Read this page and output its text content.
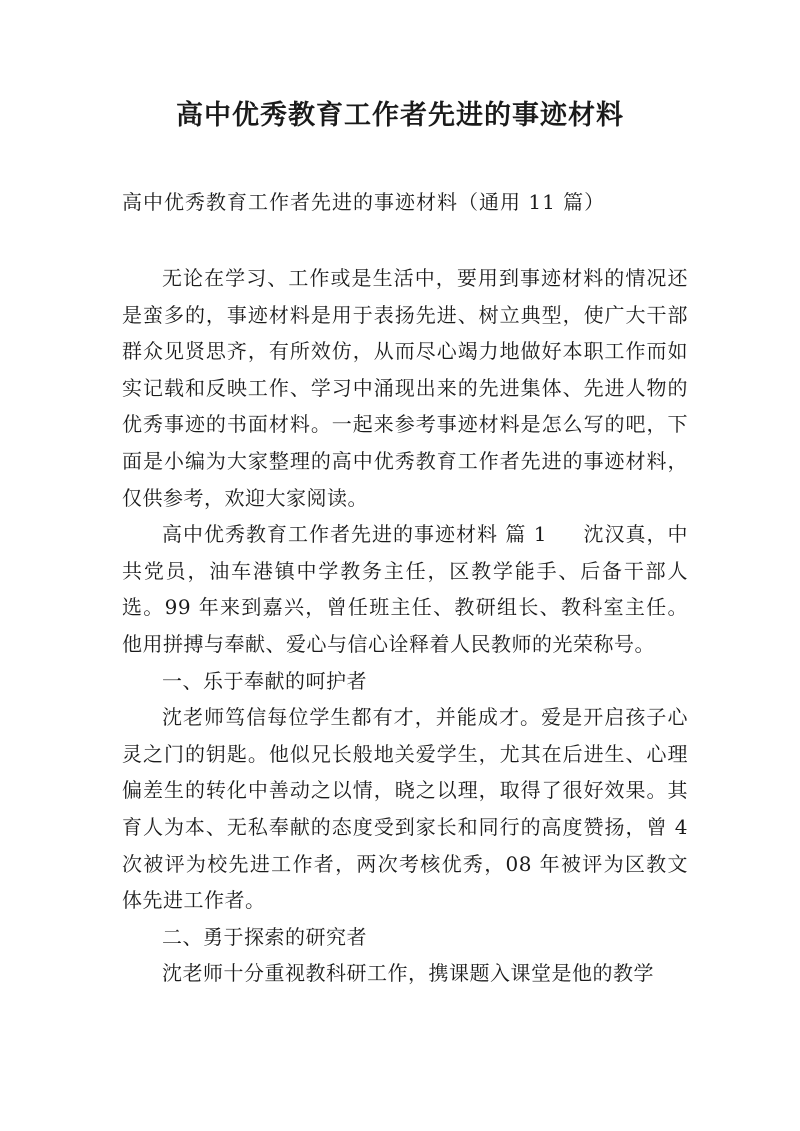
高中优秀教育工作者先进的事迹材料
高中优秀教育工作者先进的事迹材料（通用 11 篇）

无论在学习、工作或是生活中，要用到事迹材料的情况还是蛮多的，事迹材料是用于表扬先进、树立典型，使广大干部群众见贤思齐，有所效仿，从而尽心竭力地做好本职工作而如实记载和反映工作、学习中涌现出来的先进集体、先进人物的优秀事迹的书面材料。一起来参考事迹材料是怎么写的吧，下面是小编为大家整理的高中优秀教育工作者先进的事迹材料，仅供参考，欢迎大家阅读。

高中优秀教育工作者先进的事迹材料 篇 1 沈汉真，中共党员，油车港镇中学教务主任，区教学能手、后备干部人选。99 年来到嘉兴，曾任班主任、教研组长、教科室主任。他用拼搏与奉献、爱心与信心诠释着人民教师的光荣称号。

一、乐于奉献的呵护者

沈老师笃信每位学生都有才，并能成才。爱是开启孩子心灵之门的钥匙。他似兄长般地关爱学生，尤其在后进生、心理偏差生的转化中善动之以情，晓之以理，取得了很好效果。其育人为本、无私奉献的态度受到家长和同行的高度赞扬，曾 4 次被评为校先进工作者，两次考核优秀，08 年被评为区教文体先进工作者。

二、勇于探索的研究者

沈老师十分重视教科研工作，携课题入课堂是他的教学
